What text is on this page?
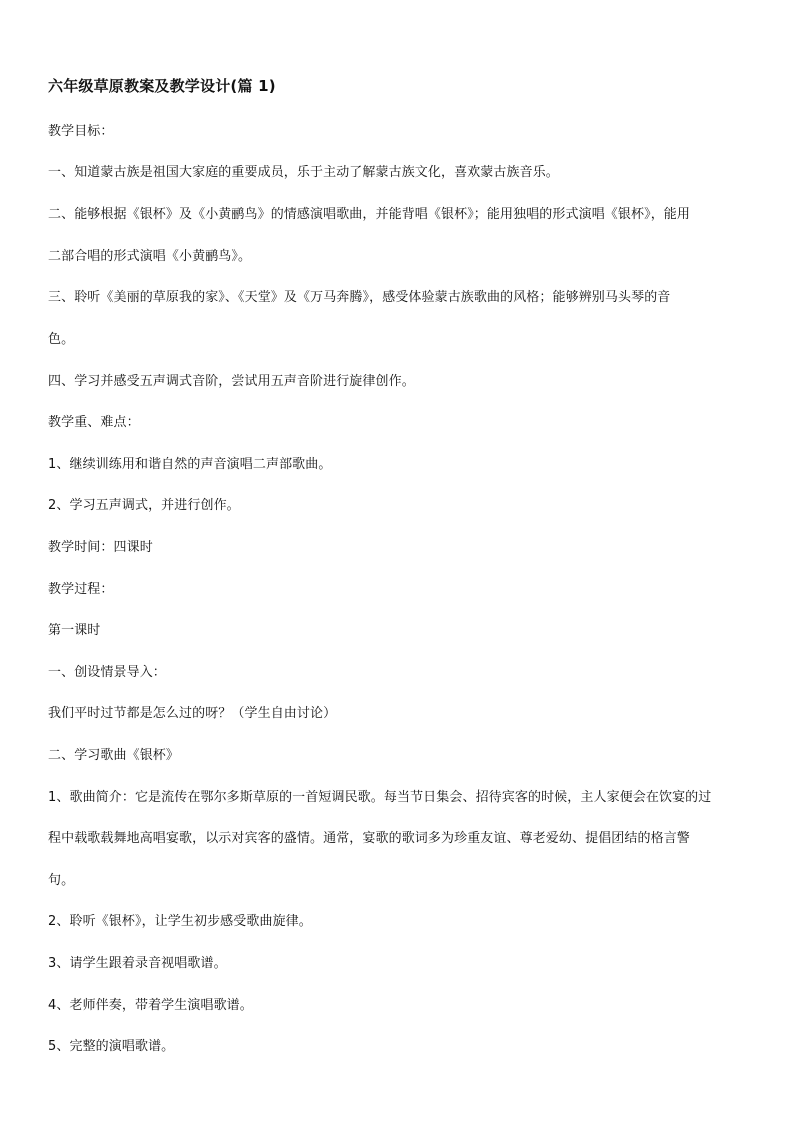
六年级草原教案及教学设计(篇 1)
教学目标：
一、知道蒙古族是祖国大家庭的重要成员，乐于主动了解蒙古族文化，喜欢蒙古族音乐。
二、能够根据《银杯》及《小黄鹂鸟》的情感演唱歌曲，并能背唱《银杯》；能用独唱的形式演唱《银杯》，能用
二部合唱的形式演唱《小黄鹂鸟》。
三、聆听《美丽的草原我的家》、《天堂》及《万马奔腾》，感受体验蒙古族歌曲的风格；能够辨别马头琴的音
色。
四、学习并感受五声调式音阶，尝试用五声音阶进行旋律创作。
教学重、难点：
1、继续训练用和谐自然的声音演唱二声部歌曲。
2、学习五声调式，并进行创作。
教学时间：四课时
教学过程：
第一课时
一、创设情景导入：
我们平时过节都是怎么过的呀？（学生自由讨论）
二、学习歌曲《银杯》
1、歌曲简介：它是流传在鄂尔多斯草原的一首短调民歌。每当节日集会、招待宾客的时候，主人家便会在饮宴的过
程中载歌载舞地高唱宴歌，以示对宾客的盛情。通常，宴歌的歌词多为珍重友谊、尊老爱幼、提倡团结的格言警
句。
2、聆听《银杯》，让学生初步感受歌曲旋律。
3、请学生跟着录音视唱歌谱。
4、老师伴奏，带着学生演唱歌谱。
5、完整的演唱歌谱。
